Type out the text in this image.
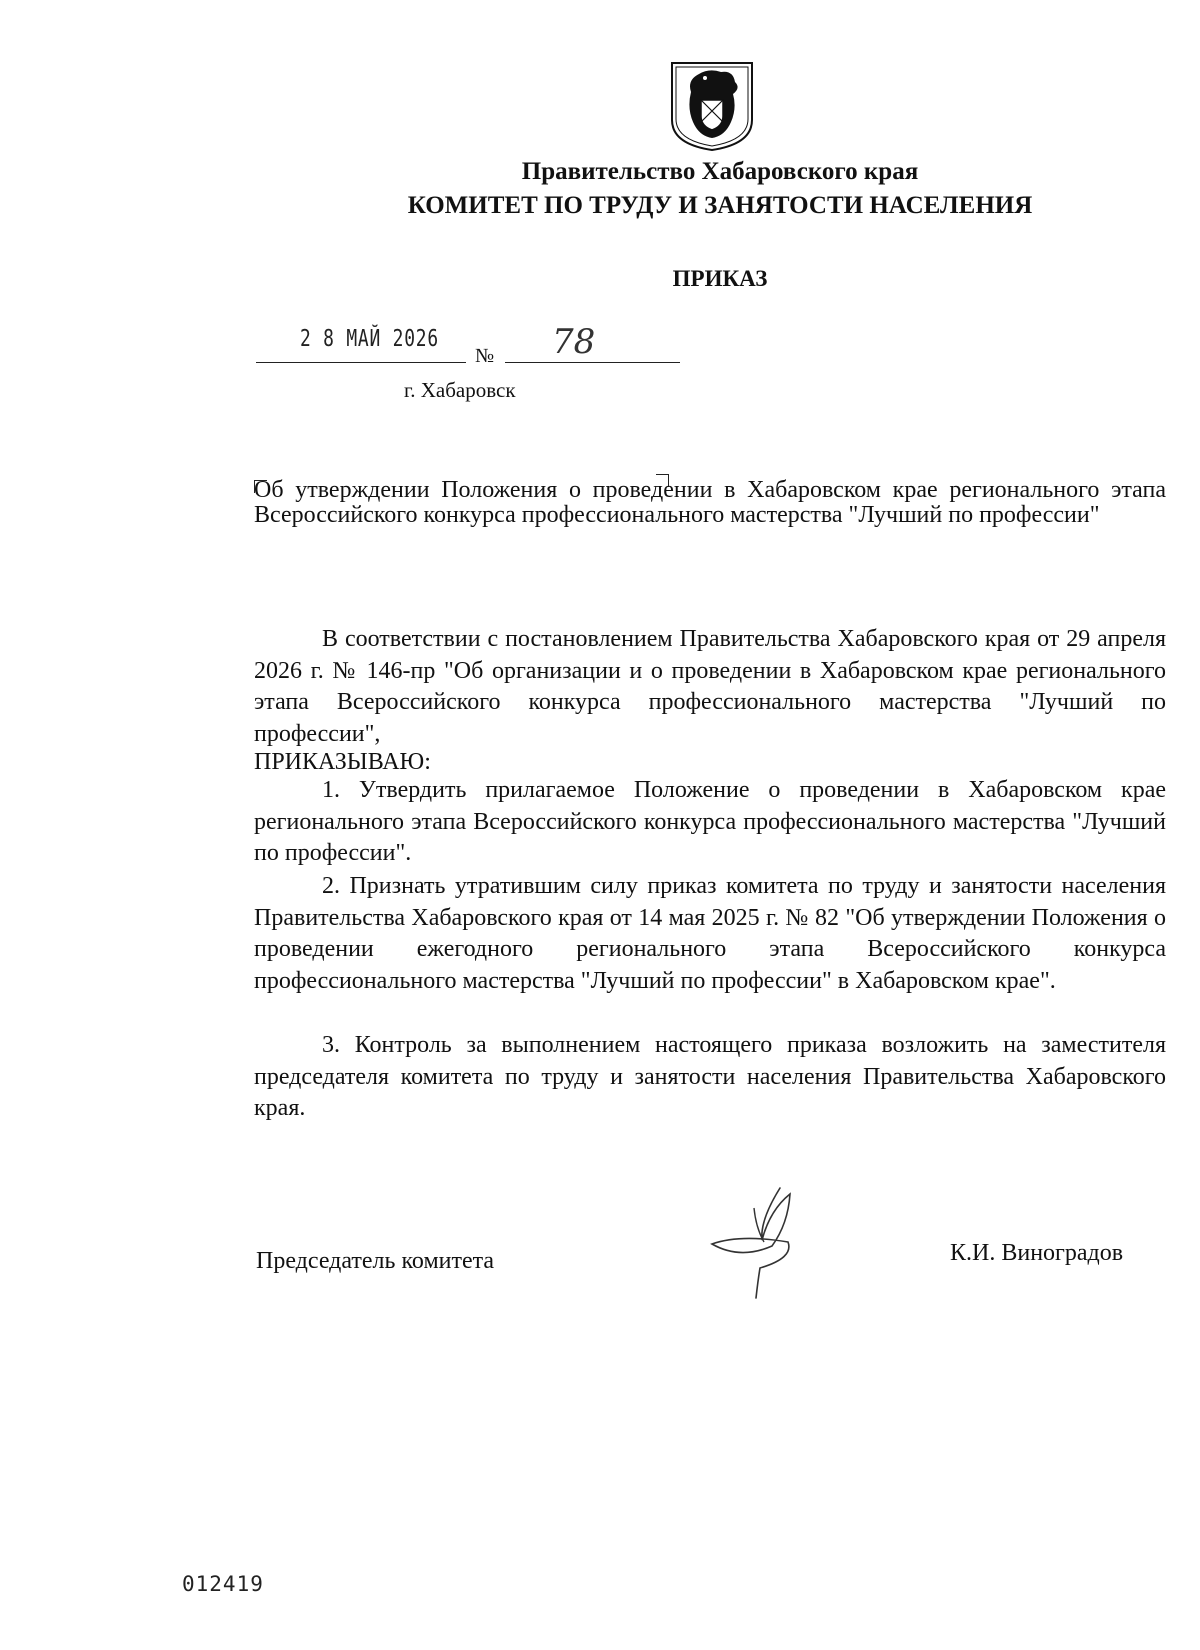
Правительство Хабаровского края
КОМИТЕТ ПО ТРУДУ И ЗАНЯТОСТИ НАСЕЛЕНИЯ
ПРИКАЗ
2 8 МАЙ 2026
№ 78
г. Хабаровск
Об утверждении Положения о проведении в Хабаровском крае регионального этапа Всероссийского конкурса профессионального мастерства "Лучший по профессии"
В соответствии с постановлением Правительства Хабаровского края от 29 апреля 2026 г. № 146-пр "Об организации и о проведении в Хабаровском крае регионального этапа Всероссийского конкурса профессионального мастерства "Лучший по профессии",
ПРИКАЗЫВАЮ:
1. Утвердить прилагаемое Положение о проведении в Хабаровском крае регионального этапа Всероссийского конкурса профессионального мастерства "Лучший по профессии".
2. Признать утратившим силу приказ комитета по труду и занятости населения Правительства Хабаровского края от 14 мая 2025 г. № 82 "Об утверждении Положения о проведении ежегодного регионального этапа Всероссийского конкурса профессионального мастерства "Лучший по профессии" в Хабаровском крае".
3. Контроль за выполнением настоящего приказа возложить на заместителя председателя комитета по труду и занятости населения Правительства Хабаровского края.
Председатель комитета	К.И. Виноградов
012419
